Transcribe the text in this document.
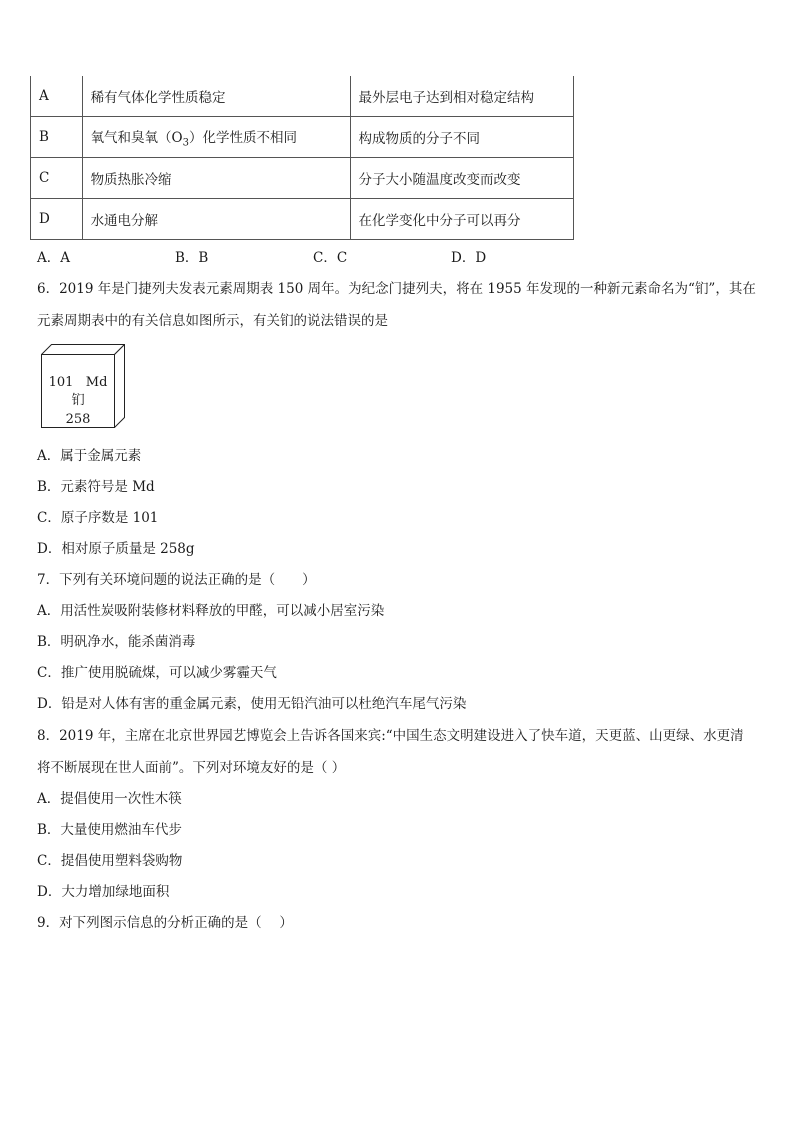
A	稀有气体化学性质稳定	最外层电子达到相对稳定结构
B	氧气和臭氧$(O_3)$化学性质不相同	构成物质的分子不同
C	物质热胀冷缩	分子大小随温度改变而改变
D	水通电分解	在化学变化中分子可以再分
A．A	B．B	C．C	D．D
6．2019 年是门捷列夫发表元素周期表 150 周年。为纪念门捷列夫，将在 1955 年发现的一种新元素命名为“钔”，其在
元素周期表中的有关信息如图所示，有关钔的说法错误的是
101 Md
钔
258
A．属于金属元素
B．元素符号是 Md
C．原子序数是 101
D．相对原子质量是 258g
7．下列有关环境问题的说法正确的是（　　）
A．用活性炭吸附装修材料释放的甲醛，可以减小居室污染
B．明矾净水，能杀菌消毒
C．推广使用脱硫煤，可以减少雾霾天气
D．铅是对人体有害的重金属元素，使用无铅汽油可以杜绝汽车尾气污染
8．2019 年，主席在北京世界园艺博览会上告诉各国来宾:“中国生态文明建设进入了快车道，天更蓝、山更绿、水更清
将不断展现在世人面前”。下列对环境友好的是（ ）
A．提倡使用一次性木筷
B．大量使用燃油车代步
C．提倡使用塑料袋购物
D．大力增加绿地面积
9．对下列图示信息的分析正确的是（　 ）
